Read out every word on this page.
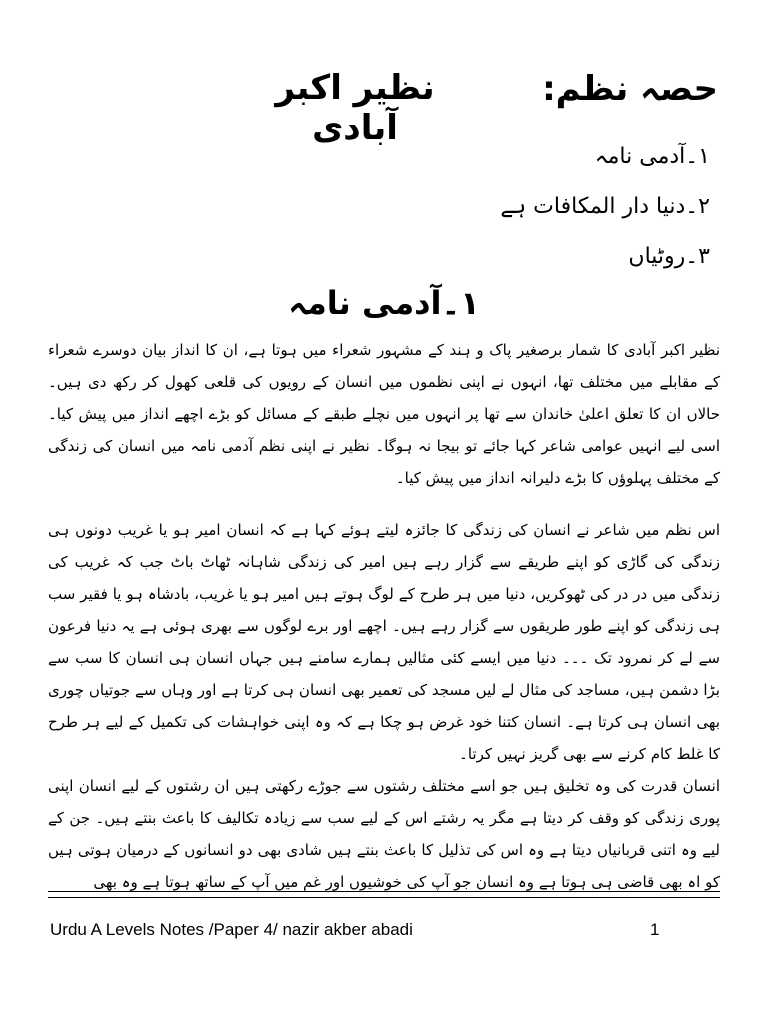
حصہ نظم:
نظیر اکبر آبادی
۱۔آدمی نامہ
۲۔دنیا دار المکافات ہے
۳۔روٹیاں
۱۔آدمی نامہ

نظیر اکبر آبادی کا شمار برصغیر پاک و ہند کے مشہور شعراء میں ہوتا ہے، ان کا انداز بیان دوسرے شعراء کے مقابلے میں مختلف تھا، انہوں نے اپنی نظموں میں انسان کے رویوں کی قلعی کھول کر رکھ دی ہیں۔ حالاں ان کا تعلق اعلیٰ خاندان سے تھا پر انہوں میں نچلے طبقے کے مسائل کو بڑے اچھے انداز میں پیش کیا۔ اسی لیے انہیں عوامی شاعر کہا جائے تو بیجا نہ ہوگا۔ نظیر نے اپنی نظم آدمی نامہ میں انسان کی زندگی کے مختلف پہلوؤں کا بڑے دلیرانہ انداز میں پیش کیا۔

اس نظم میں شاعر نے انسان کی زندگی کا جائزہ لیتے ہوئے کہا ہے کہ انسان امیر ہو یا غریب دونوں ہی زندگی کی گاڑی کو اپنے طریقے سے گزار رہے ہیں امیر کی زندگی شاہانہ ٹھاٹ باٹ جب کہ غریب کی زندگی میں در در کی ٹھوکریں، دنیا میں ہر طرح کے لوگ ہوتے ہیں امیر ہو یا غریب، بادشاہ ہو یا فقیر سب ہی زندگی کو اپنے طور طریقوں سے گزار رہے ہیں۔ اچھے اور برے لوگوں سے بھری ہوئی ہے یہ دنیا فرعون سے لے کر نمرود تک ۔۔۔ دنیا میں ایسے کئی مثالیں ہمارے سامنے ہیں جہاں انسان ہی انسان کا سب سے بڑا دشمن ہیں، مساجد کی مثال لے لیں مسجد کی تعمیر بھی انسان ہی کرتا ہے اور وہاں سے جوتیاں چوری بھی انسان ہی کرتا ہے۔ انسان کتنا خود غرض ہو چکا ہے کہ وہ اپنی خواہشات کی تکمیل کے لیے ہر طرح کا غلط کام کرنے سے بھی گریز نہیں کرتا۔

انسان قدرت کی وہ تخلیق ہیں جو اسے مختلف رشتوں سے جوڑے رکھتی ہیں ان رشتوں کے لیے انسان اپنی پوری زندگی کو وقف کر دیتا ہے مگر یہ رشتے اس کے لیے سب سے زیادہ تکالیف کا باعث بنتے ہیں۔ جن کے لیے وہ اتنی قربانیاں دیتا ہے وہ اس کی تذلیل کا باعث بنتے ہیں شادی بھی دو انسانوں کے درمیان ہوتی ہیں کو اہ بھی قاضی ہی ہوتا ہے وہ انسان جو آپ کی خوشیوں اور غم میں آپ کے ساتھ ہوتا ہے وہ بھی

Urdu A Levels Notes /Paper 4/ nazir akber abadi	1
